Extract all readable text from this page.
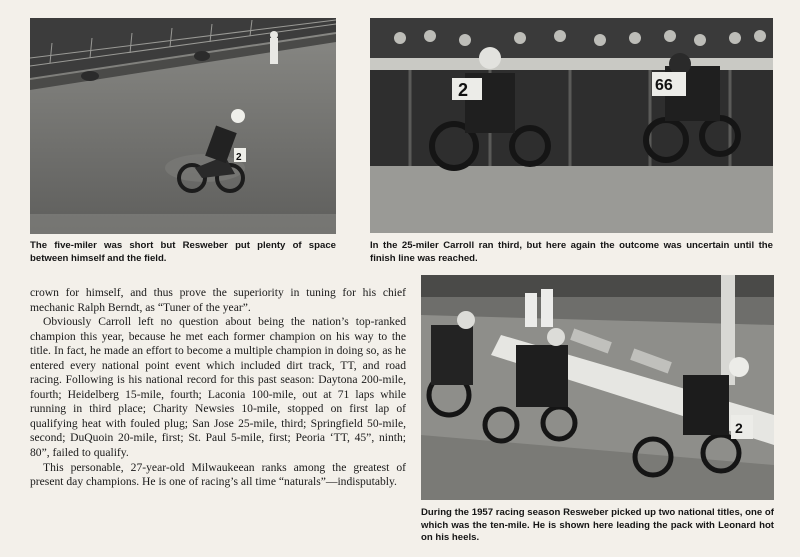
2

The five-miler was short but Resweber put plenty of space between himself and the field.

2	66

In the 25-miler Carroll ran third, but here again the outcome was uncertain until the finish line was reached.

2

During the 1957 racing season Resweber picked up two national titles, one of which was the ten-mile. He is shown here leading the pack with Leonard hot on his heels.

crown for himself, and thus prove the superiority in tuning for his chief mechanic Ralph Berndt, as “Tuner of the year”.

Obviously Carroll left no question about being the nation’s top-ranked champion this year, because he met each former champion on his way to the title. In fact, he made an effort to become a multiple champion in doing so, as he entered every national point event which included dirt track, TT, and road racing. Following is his national record for this past season: Daytona 200-mile, fourth; Heidelberg 15-mile, fourth; Laconia 100-mile, out at 71 laps while running in third place; Charity Newsies 10-mile, stopped on first lap of qualifying heat with fouled plug; San Jose 25-mile, third; Springfield 50-mile, second; DuQuoin 20-mile, first; St. Paul 5-mile, first; Peoria ‘TT, 45”, ninth; 80”, failed to qualify.

This personable, 27-year-old Milwaukeean ranks among the greatest of present day champions. He is one of racing’s all time “naturals”—indisputably.
